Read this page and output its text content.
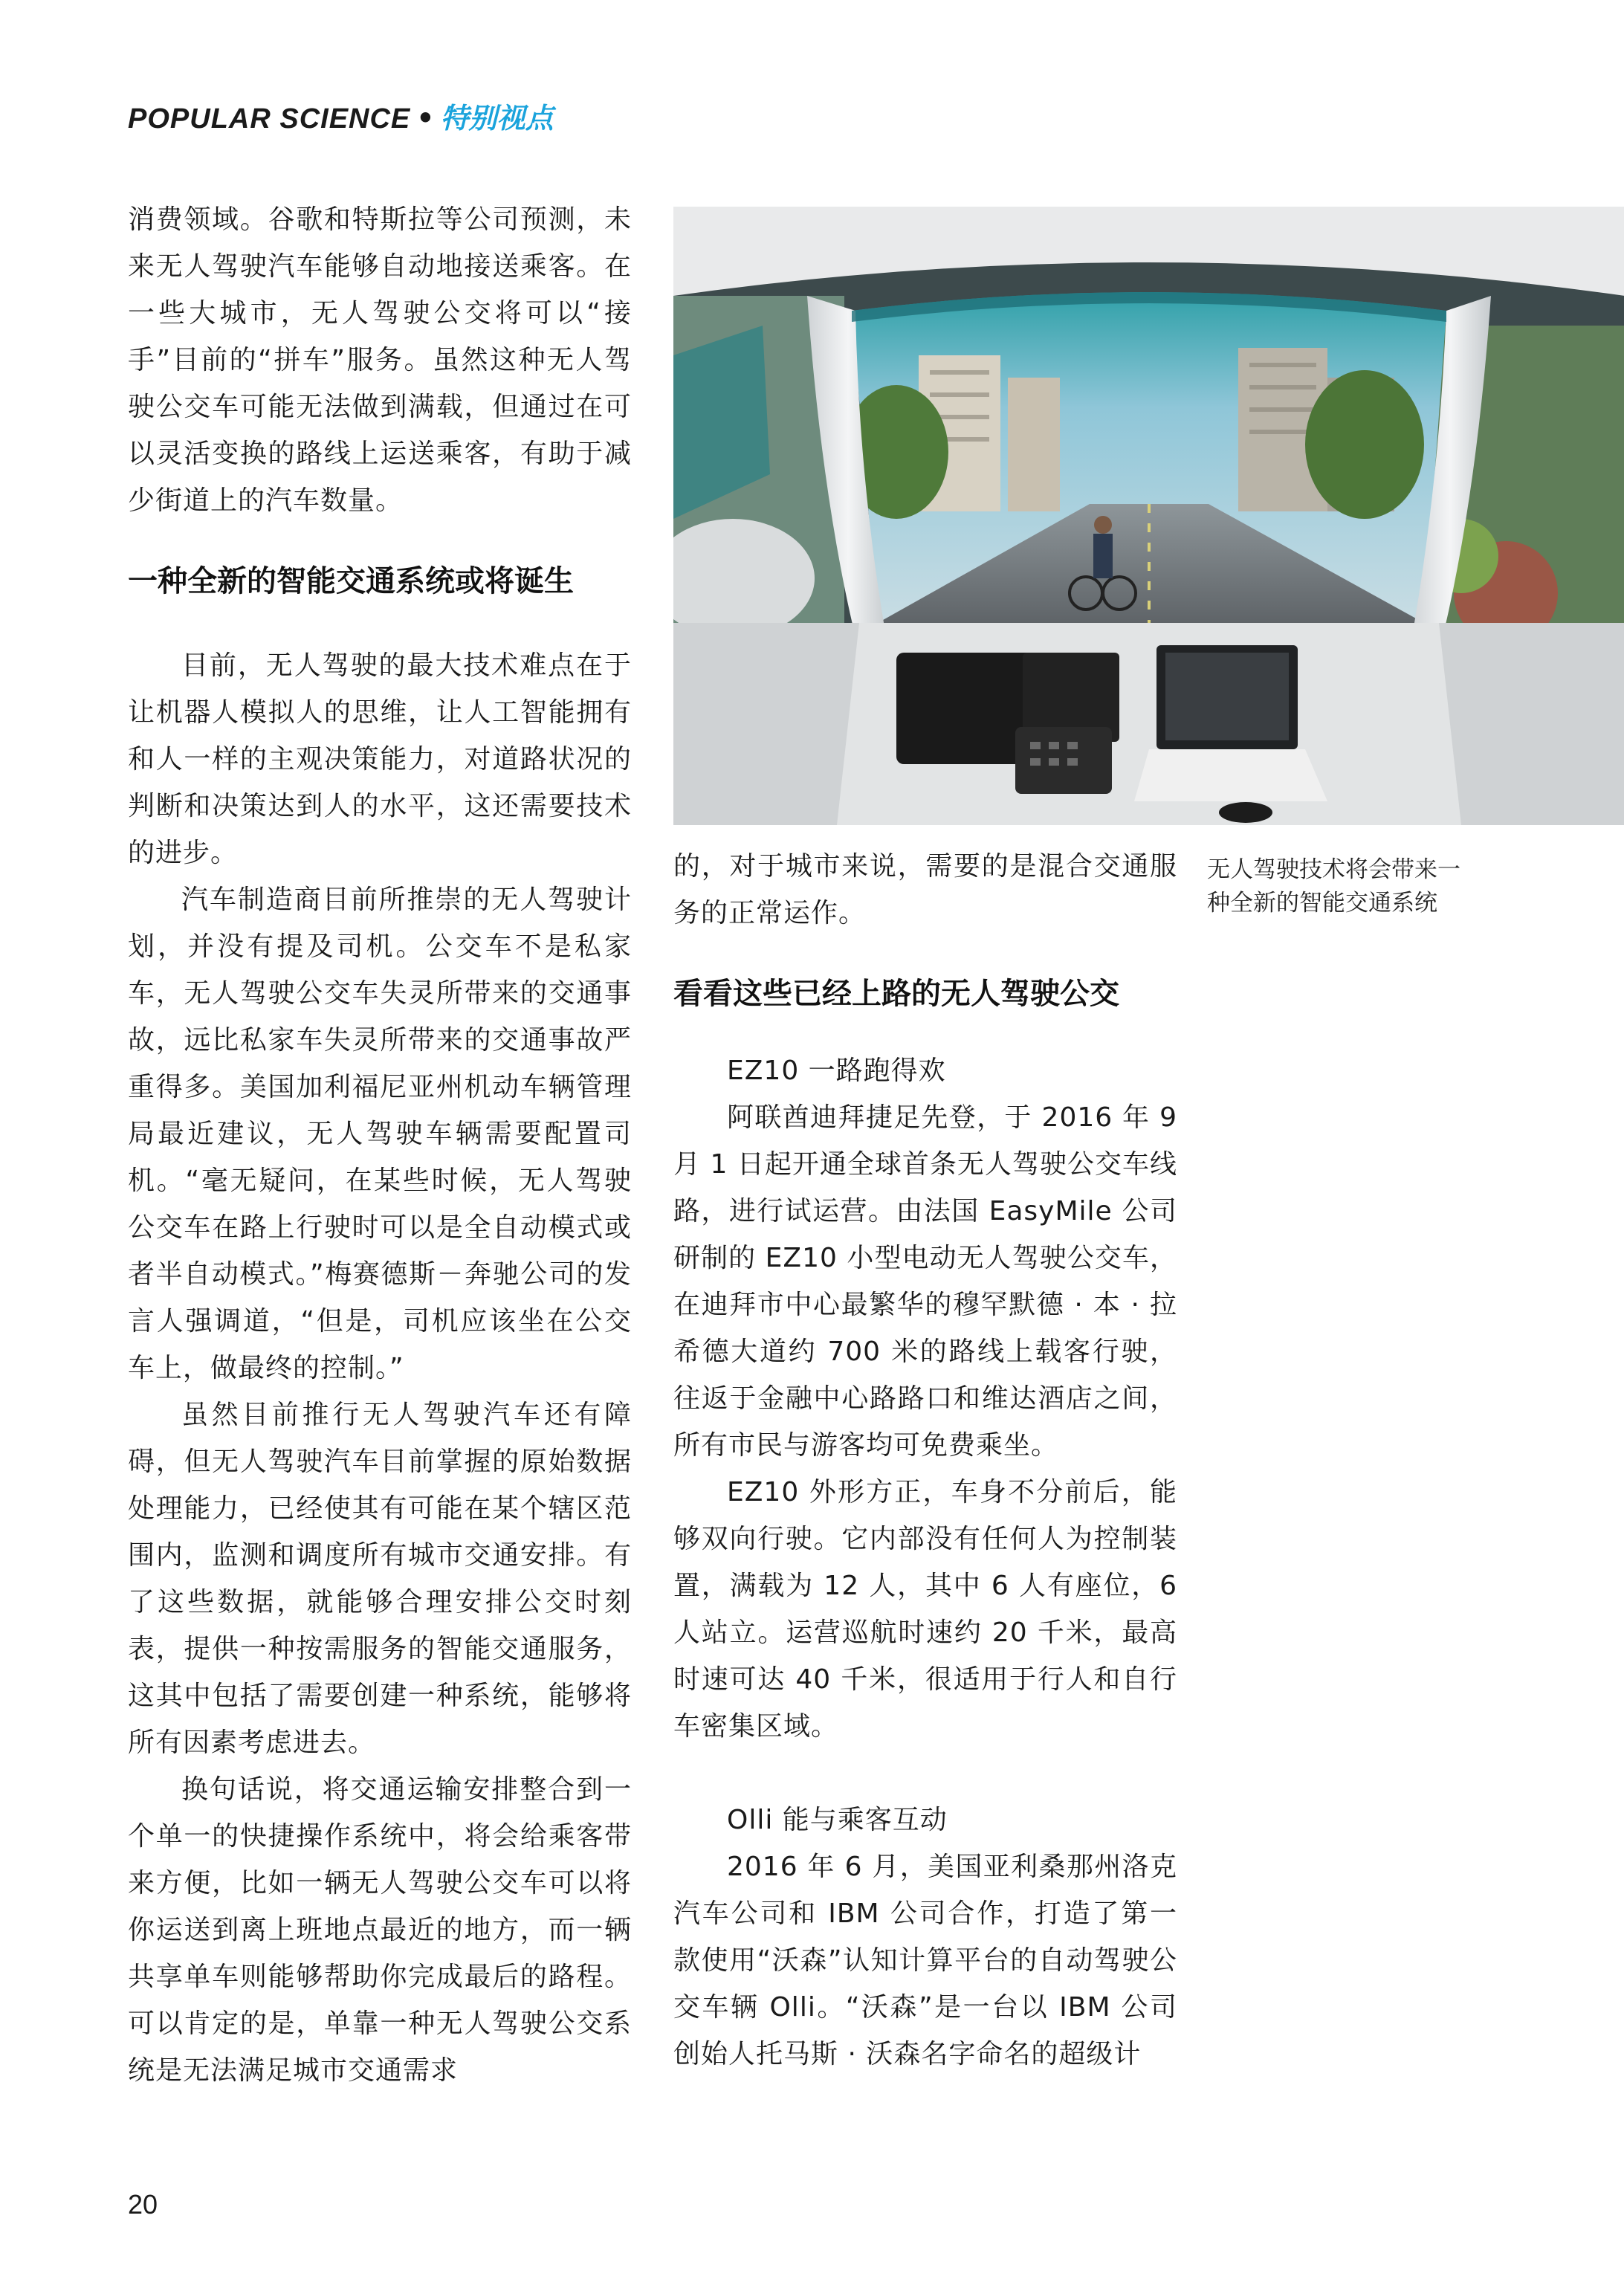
POPULAR SCIENCE • 特别视点

消费领域。谷歌和特斯拉等公司预测，未来无人驾驶汽车能够自动地接送乘客。在一些大城市，无人驾驶公交将可以“接手”目前的“拼车”服务。虽然这种无人驾驶公交车可能无法做到满载，但通过在可以灵活变换的路线上运送乘客，有助于减少街道上的汽车数量。

一种全新的智能交通系统或将诞生

目前，无人驾驶的最大技术难点在于让机器人模拟人的思维，让人工智能拥有和人一样的主观决策能力，对道路状况的判断和决策达到人的水平，这还需要技术的进步。

汽车制造商目前所推崇的无人驾驶计划，并没有提及司机。公交车不是私家车，无人驾驶公交车失灵所带来的交通事故，远比私家车失灵所带来的交通事故严重得多。美国加利福尼亚州机动车辆管理局最近建议，无人驾驶车辆需要配置司机。“毫无疑问，在某些时候，无人驾驶公交车在路上行驶时可以是全自动模式或者半自动模式。”梅赛德斯－奔驰公司的发言人强调道，“但是，司机应该坐在公交车上，做最终的控制。”

虽然目前推行无人驾驶汽车还有障碍，但无人驾驶汽车目前掌握的原始数据处理能力，已经使其有可能在某个辖区范围内，监测和调度所有城市交通安排。有了这些数据，就能够合理安排公交时刻表，提供一种按需服务的智能交通服务，这其中包括了需要创建一种系统，能够将所有因素考虑进去。

换句话说，将交通运输安排整合到一个单一的快捷操作系统中，将会给乘客带来方便，比如一辆无人驾驶公交车可以将你运送到离上班地点最近的地方，而一辆共享单车则能够帮助你完成最后的路程。可以肯定的是，单靠一种无人驾驶公交系统是无法满足城市交通需求

的，对于城市来说，需要的是混合交通服务的正常运作。

看看这些已经上路的无人驾驶公交

EZ10 一路跑得欢

阿联酋迪拜捷足先登，于 2016 年 9 月 1 日起开通全球首条无人驾驶公交车线路，进行试运营。由法国 EasyMile 公司研制的 EZ10 小型电动无人驾驶公交车，在迪拜市中心最繁华的穆罕默德 · 本 · 拉希德大道约 700 米的路线上载客行驶，往返于金融中心路路口和维达酒店之间，所有市民与游客均可免费乘坐。

EZ10 外形方正，车身不分前后，能够双向行驶。它内部没有任何人为控制装置，满载为 12 人，其中 6 人有座位，6 人站立。运营巡航时速约 20 千米，最高时速可达 40 千米，很适用于行人和自行车密集区域。

Olli 能与乘客互动

2016 年 6 月，美国亚利桑那州洛克汽车公司和 IBM 公司合作，打造了第一款使用“沃森”认知计算平台的自动驾驶公交车辆 Olli。“沃森”是一台以 IBM 公司创始人托马斯 · 沃森名字命名的超级计

无人驾驶技术将会带来一
种全新的智能交通系统
20
